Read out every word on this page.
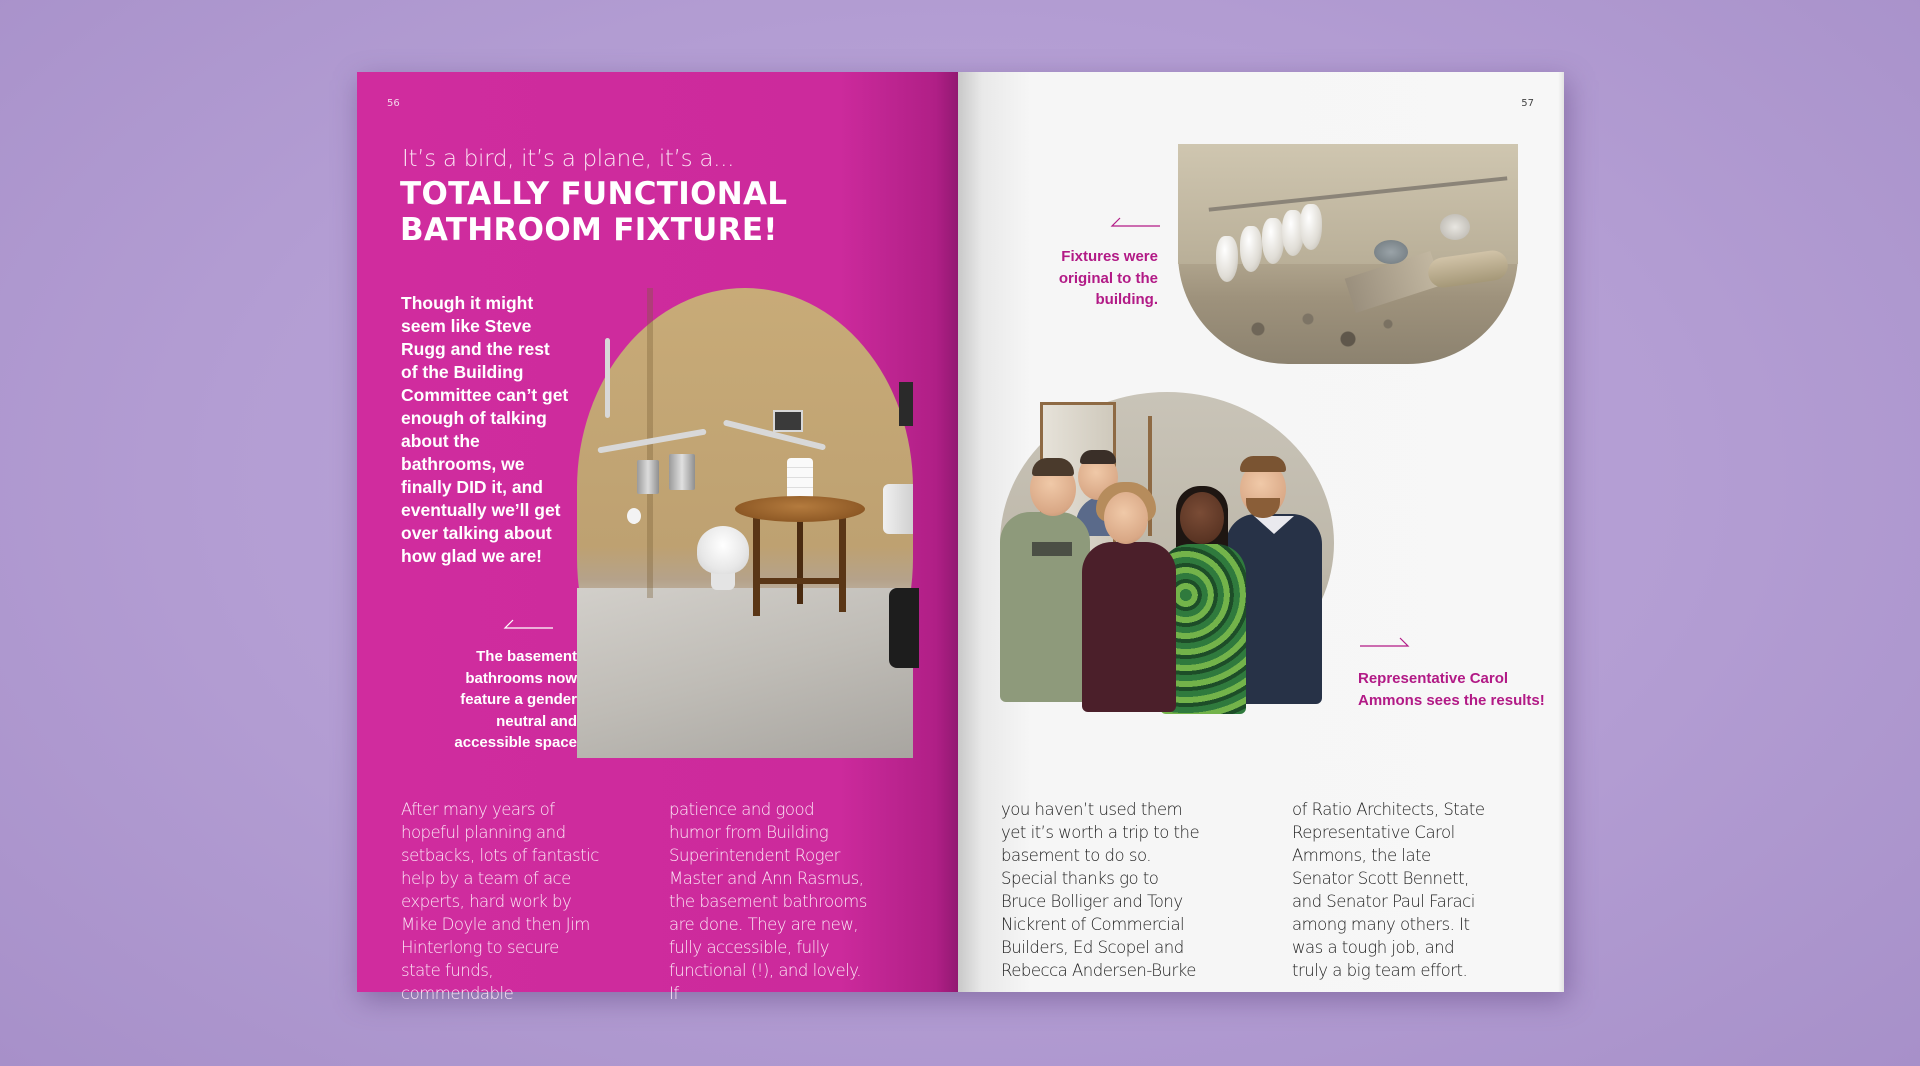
56
It’s a bird, it’s a plane, it’s a...
TOTALLY FUNCTIONAL
BATHROOM FIXTURE!
Though it might seem like Steve Rugg and the rest of the Building Committee can’t get enough of talking about the bathrooms, we finally DID it, and eventually we’ll get over talking about how glad we are!
The basement bathrooms now feature a gender neutral and accessible space
After many years of hopeful planning and setbacks, lots of fantastic help by a team of ace experts, hard work by Mike Doyle and then Jim Hinterlong to secure state funds, commendable
patience and good humor from Building Superintendent Roger Master and Ann Rasmus, the basement bathrooms are done. They are new, fully accessible, fully functional (!), and lovely. If
57
Fixtures were original to the building.
Representative Carol Ammons sees the results!
you haven’t used them yet it’s worth a trip to the basement to do so. Special thanks go to Bruce Bolliger and Tony Nickrent of Commercial Builders, Ed Scopel and Rebecca Andersen-Burke
of Ratio Architects, State Representative Carol Ammons, the late Senator Scott Bennett, and Senator Paul Faraci among many others. It was a tough job, and truly a big team effort.
